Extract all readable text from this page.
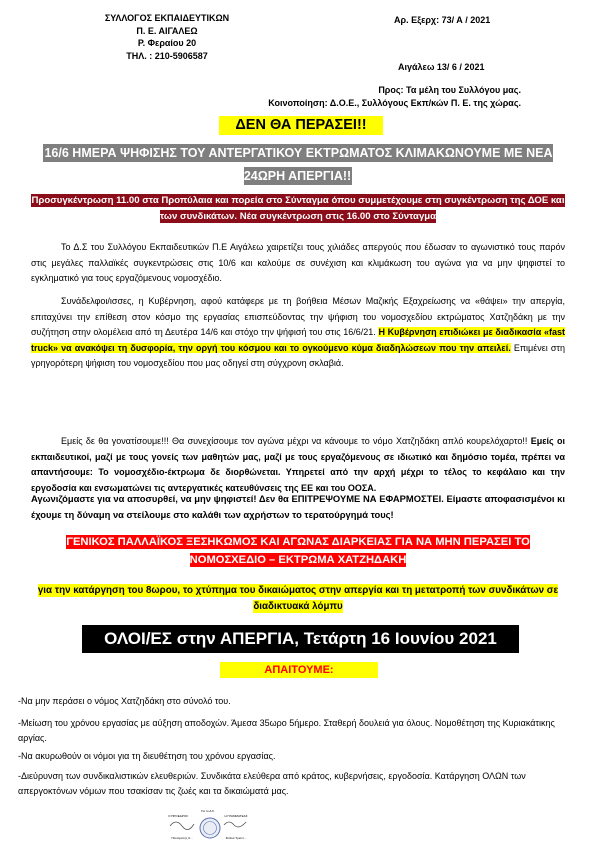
ΣΥΛΛΟΓΟΣ ΕΚΠΑΙΔΕΥΤΙΚΩΝ
Π. Ε. ΑΙΓΑΛΕΩ
Ρ. Φεραίου 20
ΤΗΛ. : 210-5906587
Αρ. Εξερχ: 73/ Α / 2021
Αιγάλεω 13/ 6 / 2021
Προς: Τα μέλη του Συλλόγου μας.
Κοινοποίηση: Δ.Ο.Ε., Συλλόγους Εκπ/κών Π. Ε. της χώρας.
ΔΕΝ ΘΑ ΠΕΡΑΣΕΙ!!
16/6 ΗΜΕΡΑ ΨΗΦΙΣΗΣ ΤΟΥ ΑΝΤΕΡΓΑΤΙΚΟΥ ΕΚΤΡΩΜΑΤΟΣ ΚΛΙΜΑΚΩΝΟΥΜΕ ΜΕ ΝΕΑ 24ΩΡΗ ΑΠΕΡΓΙΑ!!
Προσυγκέντρωση 11.00 στα Προπύλαια και πορεία στο Σύνταγμα όπου συμμετέχουμε στη συγκέντρωση της ΔΟΕ και των συνδικάτων. Νέα συγκέντρωση στις 16.00 στο Σύνταγμα

Το Δ.Σ του Συλλόγου Εκπαιδευτικών Π.Ε Αιγάλεω χαιρετίζει τους χιλιάδες απεργούς που έδωσαν το αγωνιστικό τους παρόν στις μεγάλες παλλαϊκές συγκεντρώσεις στις 10/6 και καλούμε σε συνέχιση και κλιμάκωση του αγώνα για να μην ψηφιστεί το εγκληματικό για τους εργαζόμενους νομοσχέδιο.

Συνάδελφοι/ισσες, η Κυβέρνηση, αφού κατάφερε με τη βοήθεια Μέσων Μαζικής Εξαχρείωσης να «θάψει» την απεργία, επιταχύνει την επίθεση στον κόσμο της εργασίας επισπεύδοντας την ψήφιση του νομοσχεδίου εκτρώματος Χατζηδάκη με την συζήτηση στην ολομέλεια από τη Δευτέρα 14/6 και στόχο την ψήφισή του στις 16/6/21. Η Κυβέρνηση επιδιώκει με διαδικασία «fast truck» να ανακόψει τη δυσφορία, την οργή του κόσμου και το ογκούμενο κύμα διαδηλώσεων που την απειλεί. Επιμένει στη γρηγορότερη ψήφιση του νομοσχεδίου που μας οδηγεί στη σύγχρονη σκλαβιά.

Εμείς δε θα γονατίσουμε!!! Θα συνεχίσουμε τον αγώνα μέχρι να κάνουμε το νόμο Χατζηδάκη απλό κουρελόχαρτο!! Εμείς οι εκπαιδευτικοί, μαζί με τους γονείς των μαθητών μας, μαζί με τους εργαζόμενους σε ιδιωτικό και δημόσιο τομέα, πρέπει να απαντήσουμε: Το νομοσχέδιο-έκτρωμα δε διορθώνεται. Υπηρετεί από την αρχή μέχρι το τέλος το κεφάλαιο και την εργοδοσία και ενσωματώνει τις αντεργατικές κατευθύνσεις της ΕΕ και του ΟΟΣΑ.

Αγωνιζόμαστε για να αποσυρθεί, να μην ψηφιστεί! Δεν θα ΕΠΙΤΡΕΨΟΥΜΕ ΝΑ ΕΦΑΡΜΟΣΤΕΙ. Είμαστε αποφασισμένοι κι έχουμε τη δύναμη να στείλουμε στο καλάθι των αχρήστων το τερατούργημά τους!

ΓΕΝΙΚΟΣ ΠΑΛΛΑΪΚΟΣ ΞΕΣΗΚΩΜΟΣ ΚΑΙ ΑΓΩΝΑΣ ΔΙΑΡΚΕΙΑΣ ΓΙΑ ΝΑ ΜΗΝ ΠΕΡΑΣΕΙ ΤΟ ΝΟΜΟΣΧΕΔΙΟ – ΕΚΤΡΩΜΑ ΧΑΤΖΗΔΑΚΗ
για την κατάργηση του 8ωρου, το χτύπημα του δικαιώματος στην απεργία και τη μετατροπή των συνδικάτων σε διαδικτυακά λόμπυ
ΟΛΟΙ/ΕΣ στην ΑΠΕΡΓΙΑ, Τετάρτη 16 Ιουνίου 2021
ΑΠΑΙΤΟΥΜΕ:
-Να μην περάσει ο νόμος Χατζηδάκη στο σύνολό του.
-Μείωση του χρόνου εργασίας με αύξηση αποδοχών. Άμεσα 35ωρο 5ήμερο. Σταθερή δουλειά για όλους. Νομοθέτηση της Κυριακάτικης αργίας.
-Να ακυρωθούν οι νόμοι για τη διευθέτηση του χρόνου εργασίας.
-Διεύρυνση των συνδικαλιστικών ελευθεριών. Συνδικάτα ελεύθερα από κράτος, κυβερνήσεις, εργοδοσία. Κατάργηση ΟΛΩΝ των απεργοκτόνων νόμων που τσακίσαν τις ζωές και τα δικαιώματά μας.
Για το Δ.Σ.
Ο ΠΡΟΕΔΡΟΣ	Η ΓΡΑΜΜΑΤΕΑΣ
Παναγιώτης Σ...	Στέλλα Τριαντ...
